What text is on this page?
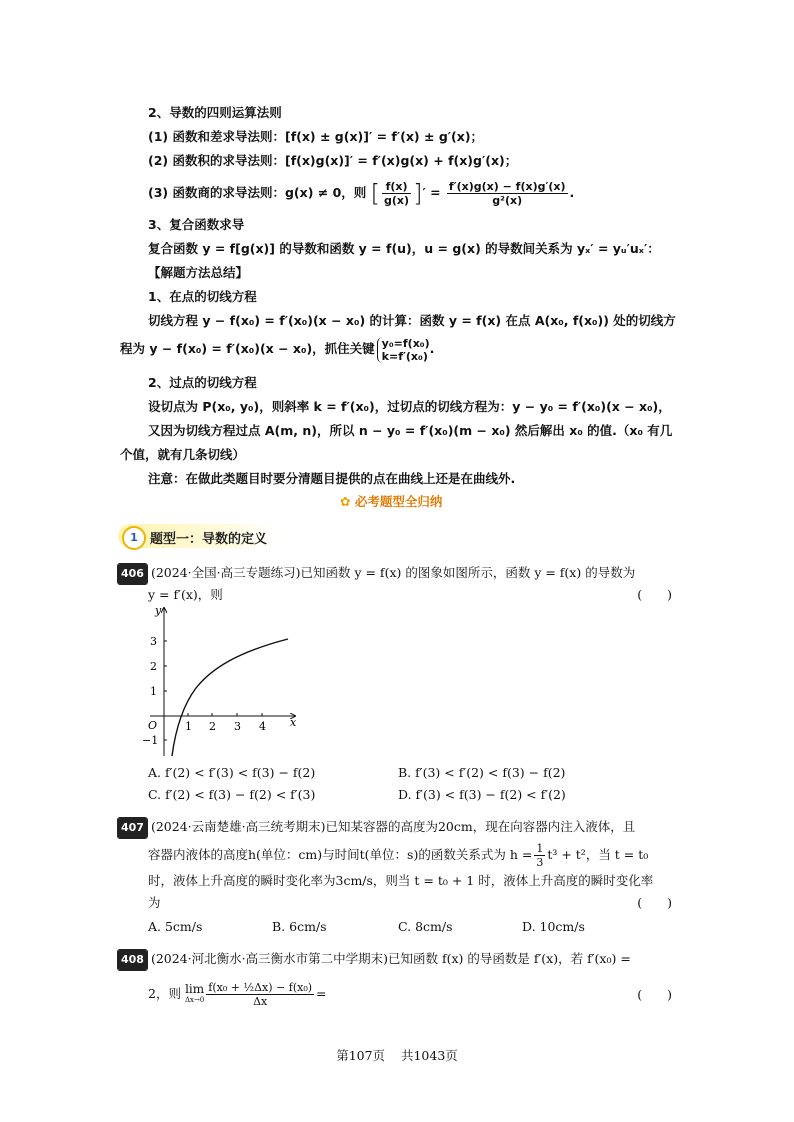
2、导数的四则运算法则
(1) 函数和差求导法则：[f(x) ± g(x)]′ = f′(x) ± g′(x)；
(2) 函数积的求导法则：[f(x)g(x)]′ = f′(x)g(x) + f(x)g′(x)；
(3) 函数商的求导法则：g(x) ≠ 0，则 [ $\frac{f(x)}{g(x)}$ ]′ = $\frac{f'(x)g(x) - f(x)g'(x)}{\text{g²(x)}}$ .
3、复合函数求导
复合函数 y = f[g(x)] 的导数和函数 y = f(u)，u = g(x) 的导数间关系为 yₓ′ = yᵤ′uₓ′：
【解题方法总结】
1、在点的切线方程
切线方程 y − f(x₀) = f′(x₀)(x − x₀) 的计算：函数 y = f(x) 在点 A(x₀, f(x₀)) 处的切线方
程为 y − f(x₀) = f′(x₀)(x − x₀)，抓住关键 y₀=f(x₀)
k=f′(x₀) .
2、过点的切线方程
设切点为 P(x₀, y₀)，则斜率 k = f′(x₀)，过切点的切线方程为：y − y₀ = f′(x₀)(x − x₀)，
又因为切线方程过点 A(m, n)，所以 n − y₀ = f′(x₀)(m − x₀) 然后解出 x₀ 的值.（x₀ 有几
个值，就有几条切线）
注意：在做此类题目时要分清题目提供的点在曲线上还是在曲线外.
✿ 必考题型全归纳
1 题型一：导数的定义
406 (2024·全国·高三专题练习)已知函数 y = f(x) 的图象如图所示，函数 y = f(x) 的导数为
y = f′(x)，则	(　　)
y
x
O	1 2 3 4
3
2
1
−1
A. f′(2) < f′(3) < f(3) − f(2)	B. f′(3) < f′(2) < f(3) − f(2)
C. f′(2) < f(3) − f(2) < f′(3)	D. f′(3) < f(3) − f(2) < f′(2)
407 (2024·云南楚雄·高三统考期末)已知某容器的高度为20cm，现在向容器内注入液体，且
容器内液体的高度h(单位：cm)与时间t(单位：s)的函数关系式为 $h = \frac{1}{3} t^3 + t^2$，当 t = t₀
时，液体上升高度的瞬时变化率为3cm/s，则当 t = t₀ + 1 时，液体上升高度的瞬时变化率
为	(　　)
A. 5cm/s	B. 6cm/s	C. 8cm/s	D. 10cm/s
408 (2024·河北衡水·高三衡水市第二中学期末)已知函数 f(x) 的导函数是 f′(x)，若 f′(x₀) =
2，则 lim
$\Delta x\to 0 \frac{\text{f(x₀ + ½Δx) − f(x₀)}}{\Delta x}$ =	(　　)
第107页 共1043页
